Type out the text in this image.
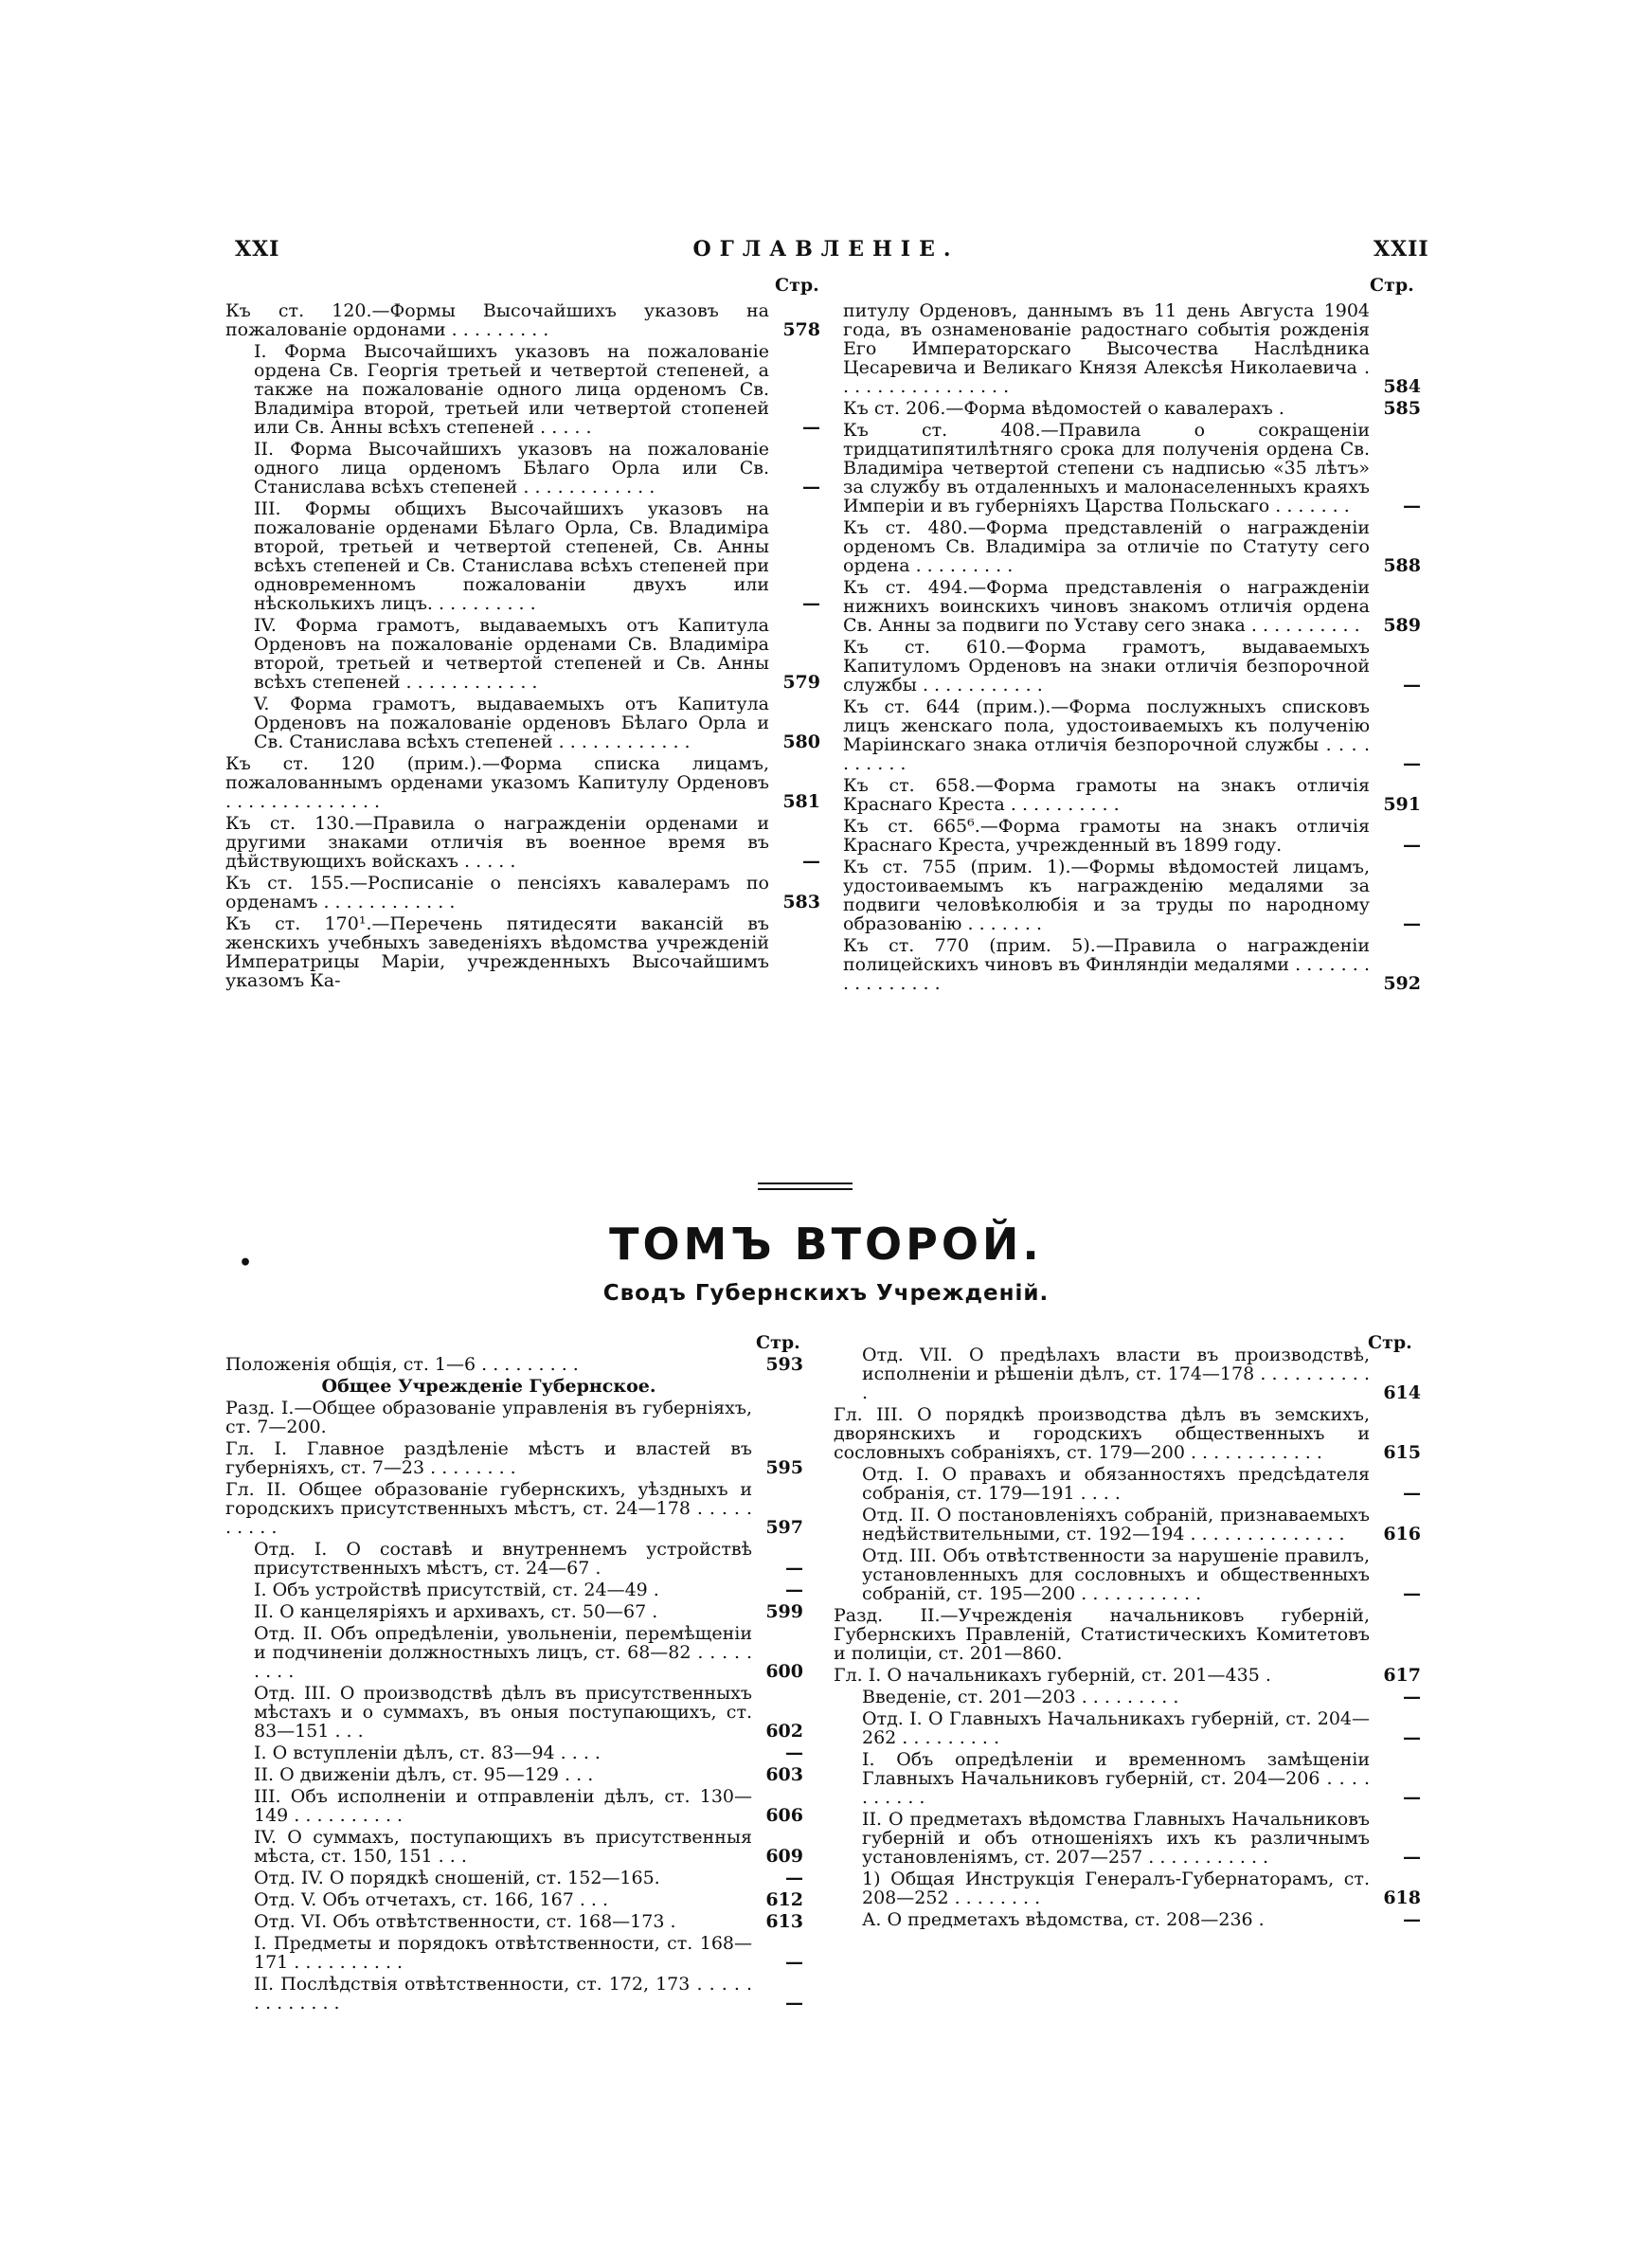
XXI	ОГЛАВЛЕНІЕ.	XXII
Стр.	Стр.
Къ ст. 120.—Формы Высочайшихъ указовъ на пожалованіе ордонами . . . . . . . . .	578
I. Форма Высочайшихъ указовъ на пожалованіе ордена Св. Георгія третьей и четвертой степеней, а также на пожалованіе одного лица орденомъ Св. Владиміра второй, третьей или четвертой стопеней или Св. Анны всѣхъ степеней . . . . .	—
II. Форма Высочайшихъ указовъ на пожалованіе одного лица орденомъ Бѣлаго Орла или Св. Станислава всѣхъ степеней . . . . . . . . . . . .	—
III. Формы общихъ Высочайшихъ указовъ на пожалованіе орденами Бѣлаго Орла, Св. Владиміра второй, третьей и четвертой степеней, Св. Анны всѣхъ степеней и Св. Станислава всѣхъ степеней при одновременномъ пожалованіи двухъ или нѣсколькихъ лицъ. . . . . . . . . .	—
IV. Форма грамотъ, выдаваемыхъ отъ Капитула Орденовъ на пожалованіе орденами Св. Владиміра второй, третьей и четвертой степеней и Св. Анны всѣхъ степеней . . . . . . . . . . . .	579
V. Форма грамотъ, выдаваемыхъ отъ Капитула Орденовъ на пожалованіе орденовъ Бѣлаго Орла и Св. Станислава всѣхъ степеней . . . . . . . . . . . .	580
Къ ст. 120 (прим.).—Форма списка лицамъ, пожалованнымъ орденами указомъ Капитулу Орденовъ . . . . . . . . . . . . . .	581
Къ ст. 130.—Правила о награжденіи орденами и другими знаками отличія въ военное время въ дѣйствующихъ войскахъ . . . . .	—
Къ ст. 155.—Росписаніе о пенсіяхъ кавалерамъ по орденамъ . . . . . . . . . . . .	583
Къ ст. 170¹.—Перечень пятидесяти вакансій въ женскихъ учебныхъ заведеніяхъ вѣдомства учрежденій Императрицы Маріи, учрежденныхъ Высочайшимъ указомъ Ка-
питулу Орденовъ, даннымъ въ 11 день Августа 1904 года, въ ознаменованіе радостнаго событія рожденія Его Императорскаго Высочества Наслѣдника Цесаревича и Великаго Князя Алексѣя Николаевича . . . . . . . . . . . . . . . .	584
Къ ст. 206.—Форма вѣдомостей о кавалерахъ .	585
Къ ст. 408.—Правила о сокращеніи тридцатипятилѣтняго срока для полученія ордена Св. Владиміра четвертой степени съ надписью «35 лѣтъ» за службу въ отдаленныхъ и малонаселенныхъ краяхъ Имперіи и въ губерніяхъ Царства Польскаго . . . . . . .	—
Къ ст. 480.—Форма представленій о награжденіи орденомъ Св. Владиміра за отличіе по Статуту сего ордена . . . . . . . . .	588
Къ ст. 494.—Форма представленія о награжденіи нижнихъ воинскихъ чиновъ знакомъ отличія ордена Св. Анны за подвиги по Уставу сего знака . . . . . . . . . .	589
Къ ст. 610.—Форма грамотъ, выдаваемыхъ Капитуломъ Орденовъ на знаки отличія безпорочной службы . . . . . . . . . . .	—
Къ ст. 644 (прим.).—Форма послужныхъ списковъ лицъ женскаго пола, удостоиваемыхъ къ полученію Маріинскаго знака отличія безпорочной службы . . . . . . . . . .	—
Къ ст. 658.—Форма грамоты на знакъ отличія Краснаго Креста . . . . . . . . . .	591
Къ ст. 665⁶.—Форма грамоты на знакъ отличія Краснаго Креста, учрежденный въ 1899 году.	—
Къ ст. 755 (прим. 1).—Формы вѣдомостей лицамъ, удостоиваемымъ къ награжденію медалями за подвиги человѣколюбія и за труды по народному образованію . . . . . . .	—
Къ ст. 770 (прим. 5).—Правила о награжденіи полицейскихъ чиновъ въ Финляндіи медалями . . . . . . . . . . . . . . . .	592
•	ТОМЪ ВТОРОЙ.
Сводъ Губернскихъ Учрежденій.
Стр.	Стр.
Положенія общія, ст. 1—6 . . . . . . . . .	593
Общее Учрежденіе Губернское.
Разд. I.—Общее образованіе управленія въ губерніяхъ, ст. 7—200.
Гл. I. Главное раздѣленіе мѣстъ и властей въ губерніяхъ, ст. 7—23 . . . . . . . .	595
Гл. II. Общее образованіе губернскихъ, уѣздныхъ и городскихъ присутственныхъ мѣстъ, ст. 24—178 . . . . . . . . . .	597
Отд. I. О составѣ и внутреннемъ устройствѣ присутственныхъ мѣстъ, ст. 24—67 .	—
I. Объ устройствѣ присутствій, ст. 24—49 .	—
II. О канцеляріяхъ и архивахъ, ст. 50—67 .	599
Отд. II. Объ опредѣленіи, увольненіи, перемѣщеніи и подчиненіи должностныхъ лицъ, ст. 68—82 . . . . . . . . .	600
Отд. III. О производствѣ дѣлъ въ присутственныхъ мѣстахъ и о суммахъ, въ оныя поступающихъ, ст. 83—151 . . .	602
I. О вступленіи дѣлъ, ст. 83—94 . . . .	—
II. О движеніи дѣлъ, ст. 95—129 . . .	603
III. Объ исполненіи и отправленіи дѣлъ, ст. 130—149 . . . . . . . . . .	606
IV. О суммахъ, поступающихъ въ присутственныя мѣста, ст. 150, 151 . . .	609
Отд. IV. О порядкѣ сношеній, ст. 152—165.	—
Отд. V. Объ отчетахъ, ст. 166, 167 . . .	612
Отд. VI. Объ отвѣтственности, ст. 168—173 .	613
I. Предметы и порядокъ отвѣтственности, ст. 168—171 . . . . . . . . . .	—
II. Послѣдствія отвѣтственности, ст. 172, 173 . . . . . . . . . . . . .	—
Отд. VII. О предѣлахъ власти въ производствѣ, исполненіи и рѣшеніи дѣлъ, ст. 174—178 . . . . . . . . . . .	614
Гл. III. О порядкѣ производства дѣлъ въ земскихъ, дворянскихъ и городскихъ общественныхъ и сословныхъ собраніяхъ, ст. 179—200 . . . . . . . . . . . .	615
Отд. I. О правахъ и обязанностяхъ предсѣдателя собранія, ст. 179—191 . . . .	—
Отд. II. О постановленіяхъ собраній, признаваемыхъ недѣйствительными, ст. 192—194 . . . . . . . . . . . . . .	616
Отд. III. Объ отвѣтственности за нарушеніе правилъ, установленныхъ для сословныхъ и общественныхъ собраній, ст. 195—200 . . . . . . . . . . .	—
Разд. II.—Учрежденія начальниковъ губерній, Губернскихъ Правленій, Статистическихъ Комитетовъ и полиціи, ст. 201—860.
Гл. I. О начальникахъ губерній, ст. 201—435 .	617
Введеніе, ст. 201—203 . . . . . . . . .	—
Отд. I. О Главныхъ Начальникахъ губерній, ст. 204—262 . . . . . . . . .	—
I. Объ опредѣленіи и временномъ замѣщеніи Главныхъ Начальниковъ губерній, ст. 204—206 . . . . . . . . . .	—
II. О предметахъ вѣдомства Главныхъ Начальниковъ губерній и объ отношеніяхъ ихъ къ различнымъ установленіямъ, ст. 207—257 . . . . . . . . . . .	—
1) Общая Инструкція Генералъ-Губернаторамъ, ст. 208—252 . . . . . . . .	618
А. О предметахъ вѣдомства, ст. 208—236 .	—
